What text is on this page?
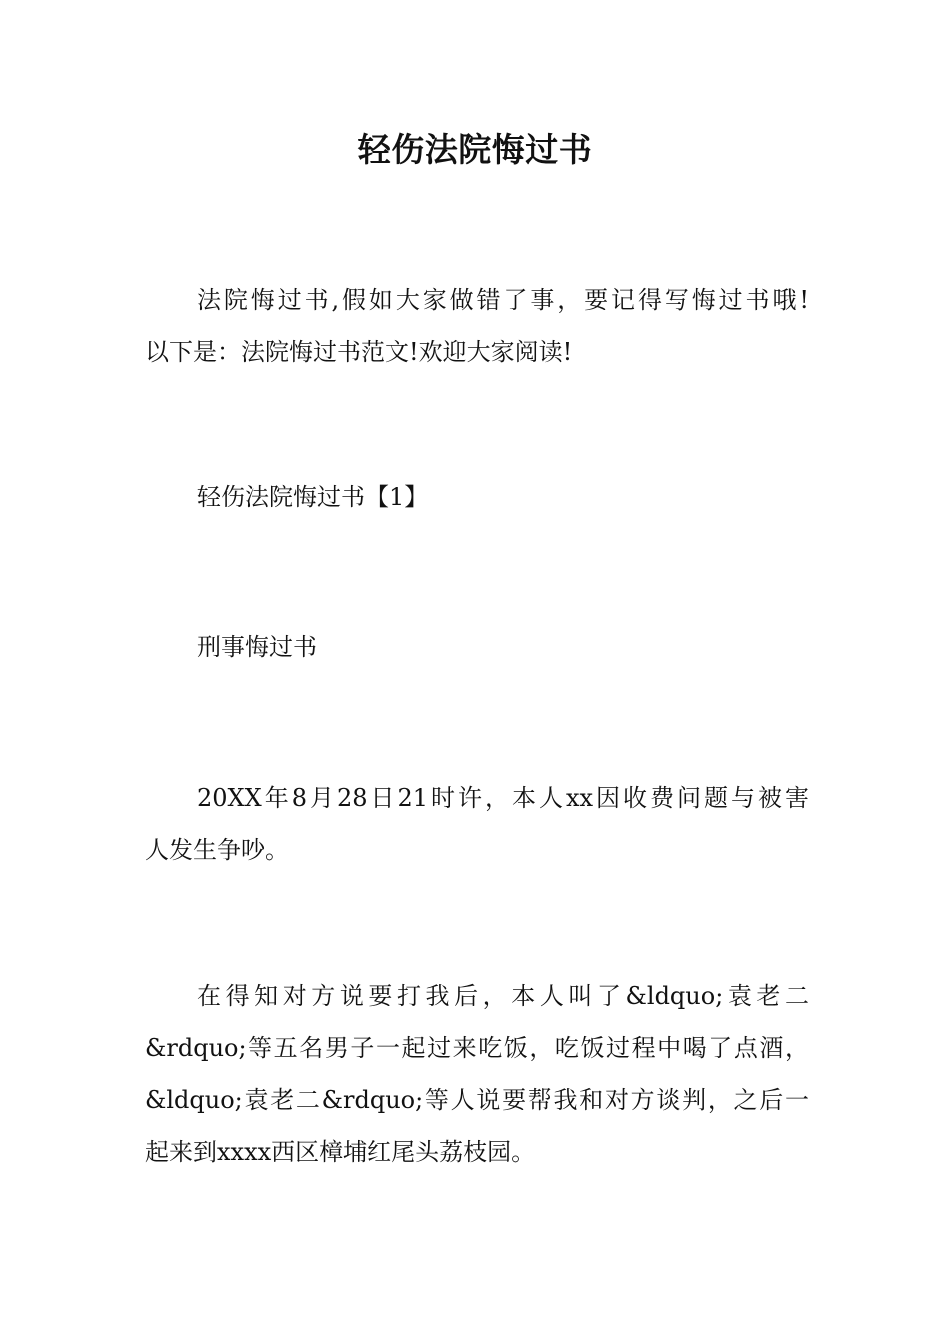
轻伤法院悔过书
法院悔过书,假如大家做错了事，要记得写悔过书哦!
以下是：法院悔过书范文!欢迎大家阅读!
轻伤法院悔过书【1】
刑事悔过书
20XX年8月28日21时许，本人xx因收费问题与被害
人发生争吵。
在得知对方说要打我后，本人叫了&ldquo;袁老二
&rdquo;等五名男子一起过来吃饭，吃饭过程中喝了点酒，
&ldquo;袁老二&rdquo;等人说要帮我和对方谈判，之后一
起来到xxxx西区樟埔红尾头荔枝园。
